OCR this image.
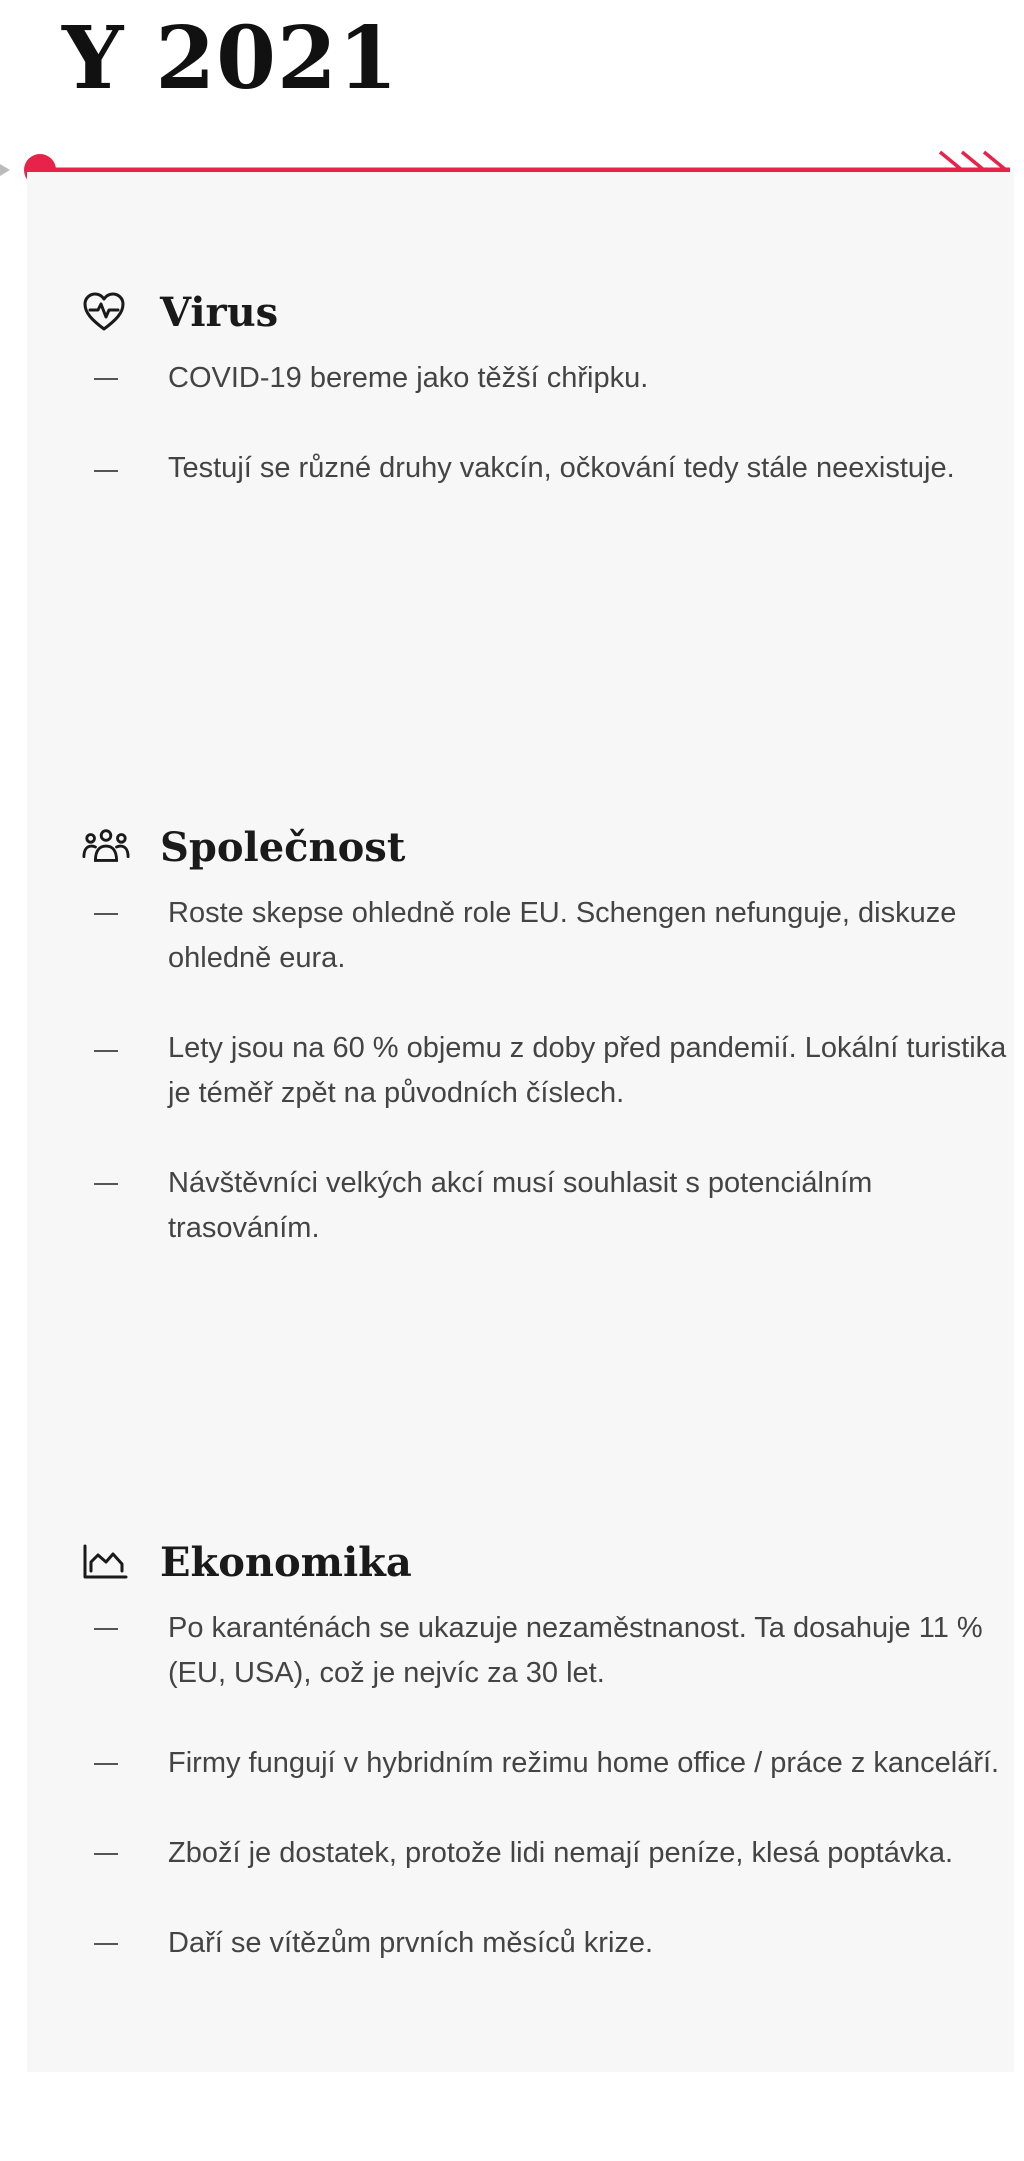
Y 2021
Virus
COVID-19 bereme jako těžší chřipku.
Testují se různé druhy vakcín, očkování tedy stále neexistuje.
Společnost
Roste skepse ohledně role EU. Schengen nefunguje, diskuze ohledně eura.
Lety jsou na 60 % objemu z doby před pandemií. Lokální turistika je téměř zpět na původních číslech.
Návštěvníci velkých akcí musí souhlasit s potenciálním trasováním.
Ekonomika
Po karanténách se ukazuje nezaměstnanost. Ta dosahuje 11 % (EU, USA), což je nejvíc za 30 let.
Firmy fungují v hybridním režimu home office / práce z kanceláří.
Zboží je dostatek, protože lidi nemají peníze, klesá poptávka.
Daří se vítězům prvních měsíců krize.
